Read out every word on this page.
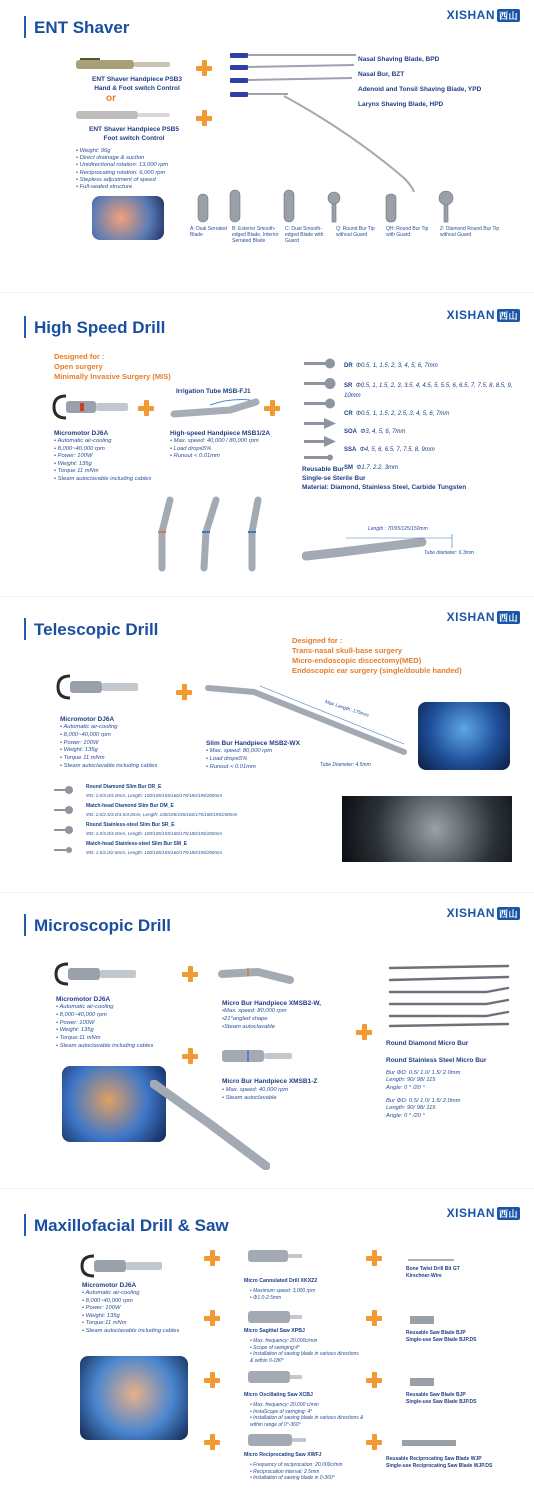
ENT Shaver
XISHAN 西山
ENT Shaver Handpiece PSB3
Hand & Foot switch Control
or
ENT Shaver Handpiece PSB5
Foot switch Control
• Weight: 96g
• Direct drainage & suction
• Unidirectional rotation: 13,000 rpm
• Reciprocating rotation: 6,000 rpm
• Stepless adjustment of speed
• Full-sealed structure
Nasal Shaving Blade, BPD
Nasal Bur, BZT
Adenoid and Tonsil Shaving Blade, YPD
Larynx Shaving Blade, HPD
A: Dual Serrated Blade
B: Exterior Smooth-edged Blade, Interior Serrated Blade
C: Dual Smooth-edged Blade with Guard
Q: Round Bur Tip without Guard
QH: Round Bur Tip with Guard
Z: Diamond Round Bur Tip without Guard
High Speed Drill
XISHAN 西山
Designed for :
Open surgery
Minimally Invasive Surgery (MIS)
Irrigation Tube MSB-FJ1
Micromotor DJ6A
• Automatic air-cooling
• 8,000~40,000 rpm
• Power: 100W
• Weight: 135g
• Torque 11 mNm
• Steam autoclavable including cables
High-speed Handpiece MSB1/2A
• Max. speed: 40,000 / 80,000 rpm
• Load drop≤5%
• Runout < 0.01mm
DR Φ0.5, 1, 1.5, 2, 3, 4, 5, 6, 7mm
SR Φ0.5, 1, 1.5, 2, 3, 3.5, 4, 4.5, 5, 5.5, 6, 6.5, 7, 7.5, 8, 8.5, 9, 10mm
CR Φ0.5, 1, 1.5, 2, 2.5, 3, 4, 5, 6, 7mm
SOA Φ3, 4, 5, 6, 7mm
SSA Φ4, 5, 6, 6.5, 7, 7.5, 8, 9mm
SM Φ1.7, 2.2, 3mm
Reusable Bur
Single-se Sterile Bur
Material: Diamond, Stainless Steel, Carbide Tungsten
Length : 70/95/125/150mm
Tube diameter: 6.3mm
Telescopic Drill
XISHAN 西山
Designed for :
Trans-nasal skull-base surgery
Micro-endoscopic discectomy(MED)
Endoscopic ear surgery (single/double handed)
Max Length: 175mm
Tube Diameter: 4.5mm
Micromotor DJ6A
• Automatic air-cooling
• 8,000~40,000 rpm
• Power: 100W
• Weight: 135g
• Torque 11 mNm
• Steam autoclavable including cables
Slim Bur Handpiece MSB2-WX
• Max. speed: 80,000 rpm
• Load drop≤5%
• Runout < 0.01mm
Round Diamond Slim Bur DR_E
ΦD: 2.0/3.0/4.0mm, Length: 100/105/155/160/175/180/195/200mm
Match-head Diamond Slim Bur DM_E
ΦD: 2.0/2.5/3.0/3.5/4.0mm, Length: 100/105/155/160/175/180/195/200mm
Round Stainless-steel Slim Bur SR_E
ΦD: 2.0/3.0/4.0mm, Length: 100/105/155/160/175/180/195/200mm
Match-head Stainless-steel Slim Bur SM_E
ΦD: 1.5/2.0/2.5mm, Length: 100/105/155/160/175/180/195/200mm
Microscopic Drill
XISHAN 西山
Micromotor DJ6A
• Automatic air-cooling
• 8,000~40,000 rpm
• Power: 100W
• Weight: 135g
• Torque:11 mNm
• Steam autoclavable including cables
Micro Bur Handpiece XMSB2-W,
•Max. speed: 80,000 rpm
•21°angled shape
•Steam autoclavable
Micro Bur Handpiece XMSB1-Z
• Max. speed: 40,000 rpm
• Steam autoclavable
Round Diamond Micro Bur
Bur ΦD: 0.5/ 1.0/ 1.5/ 2.0mm
Length: 90/ 98/ 115
Angle: 0 ° /20 °
Round Stainless Steel Micro Bur
Bur ΦD: 0.5/ 1.0/ 1.5/ 2.0mm
Length: 90/ 98/ 115
Angle: 0 ° /20 °
Maxillofacial Drill & Saw
XISHAN 西山
Micromotor DJ6A
• Automatic air-cooling
• 8,000~40,000 rpm
• Power: 100W
• Weight: 135g
• Torque:11 mNm
• Steam autoclavable including cables
Micro Cannulated Drill XKXZ2
• Maximum speed: 3,000 rpm
• Φ1.0-2.5mm
Micro Sagittal Saw XPBJ
• Max. frequency: 20,000c/min
• Scope of swinging:4°
• Installation of sawing blade in various directions & within 0-180°
Micro Oscillating Saw XCBJ
• Max. frequency: 20,000 c/min
• InstaScope of swinging: 4°
• Installation of sawing blade in various directions & within range of 0°-360°
Micro Reciprocating Saw XWFJ
• Frequency of reciprocation: 20,000c/min
• Reciprocation interval: 2.5mm
• Installation of sawing blade in 0-360°
Bone Twist Drill Bit GT
Kirschner-Wire
Reusable Saw Blade BJP
Single-use Saw Blade BJP.DS
Reusable Saw Blade BJP
Single-use Saw Blade BJP.DS
Reusable Reciprocating Saw Blade WJP
Single-use Reciprocating Saw Blade WJP.DS
